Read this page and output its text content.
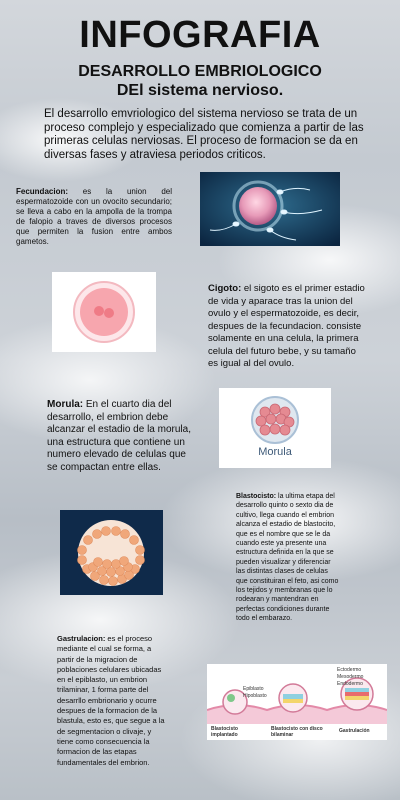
INFOGRAFIA
DESARROLLO EMBRIOLOGICO
DEl sistema nervioso.
El desarrollo emvriologico del sistema nervioso se trata de un proceso complejo y especializado que comienza a partir de las primeras celulas nerviosas. El proceso de formacion se da en diversas fases y atraviesa periodos criticos.
Fecundacion: es la union del espermatozoide con un ovocito secundario; se lleva a cabo en la ampolla de la trompa de falopio a traves de diversos procesos que permiten la fusion entre ambos gametos.
Cigoto: el sigoto es el primer estadio de vida y aparace tras la union del ovulo y el espermatozoide, es decir, despues de la fecundacion. consiste solamente en una celula, la primera celula del futuro bebe, y su tamaño es igual al del ovulo.
Morula: En el cuarto dia del desarrollo, el embrion debe alcanzar el estadio de la morula, una estructura que contiene un numero elevado de celulas que se compactan entre ellas.
Morula
Blastocisto: la ultima etapa del desarrollo quinto o sexto dia de cultivo, llega cuando el embrion alcanza el estadio de blastocito, que es el nombre que se le da cuando este ya presente una estructura definida en la que se pueden visualizar y diferenciar las distintas clases de celulas que constituiran el feto, asi como los tejidos y membranas que lo rodearan y mantendran en perfectas condiciones durante todo el embarazo.
Gastrulacion: es el proceso mediante el cual se forma, a partir de la migracion de poblaciones celulares ubicadas en el epiblasto, un embrion trilaminar, 1 forma parte del desarrllo embrionario y ocurre despues de la formacion de la blastula, esto es, que segue a la de segmentacion o clivaje, y tiene como consecuencia la formacion de las etapas fundamentales del embrion.
Epiblasto
Hipoblasto
Ectodermo
Mesodermo
Endodermo
Blastocisto implantado
Blastocisto con disco bilaminar
Gastrulación
